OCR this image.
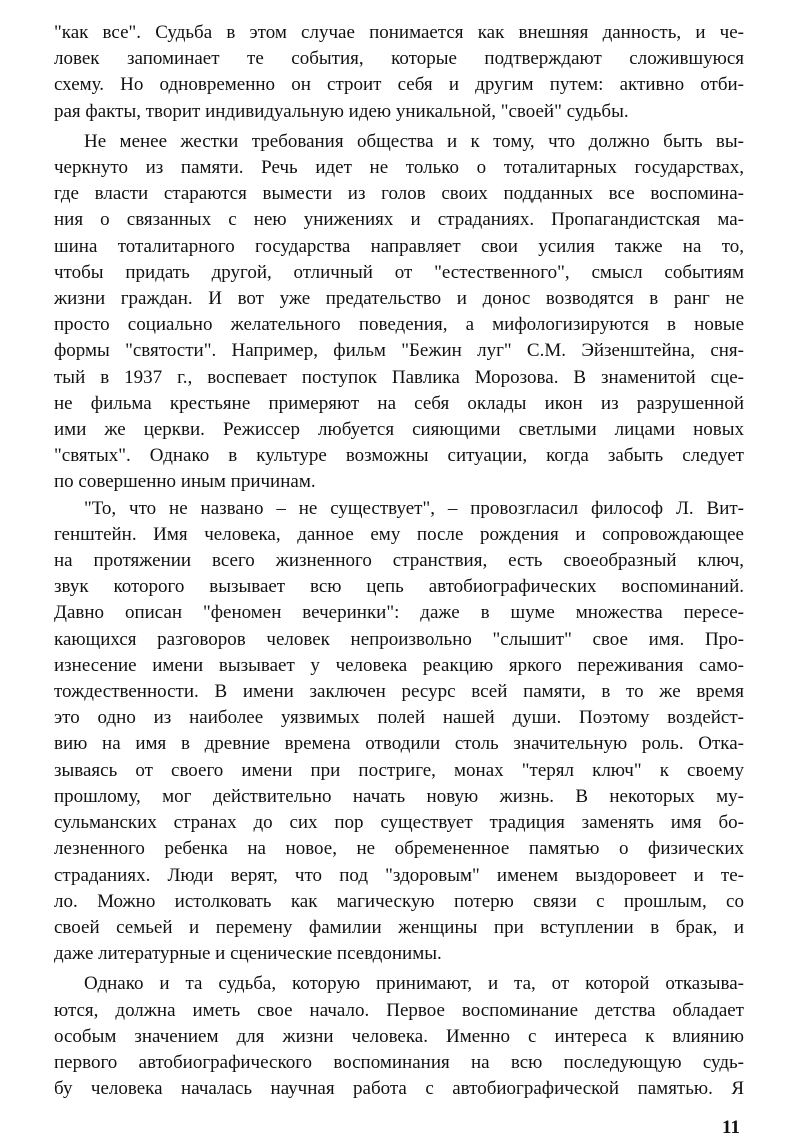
"как все". Судьба в этом случае понимается как внешняя данность, и че-
ловек запоминает те события, которые подтверждают сложившуюся
схему. Но одновременно он строит себя и другим путем: активно отби-
рая факты, творит индивидуальную идею уникальной, "своей" судьбы.
Не менее жестки требования общества и к тому, что должно быть вы-
черкнуто из памяти. Речь идет не только о тоталитарных государствах,
где власти стараются вымести из голов своих подданных все воспомина-
ния о связанных с нею унижениях и страданиях. Пропагандистская ма-
шина тоталитарного государства направляет свои усилия также на то,
чтобы придать другой, отличный от "естественного", смысл событиям
жизни граждан. И вот уже предательство и донос возводятся в ранг не
просто социально желательного поведения, а мифологизируются в новые
формы "святости". Например, фильм "Бежин луг" С.М. Эйзенштейна, сня-
тый в 1937 г., воспевает поступок Павлика Морозова. В знаменитой сце-
не фильма крестьяне примеряют на себя оклады икон из разрушенной
ими же церкви. Режиссер любуется сияющими светлыми лицами новых
"святых". Однако в культуре возможны ситуации, когда забыть следует
по совершенно иным причинам.
"То, что не названо – не существует", – провозгласил философ Л. Вит-
генштейн. Имя человека, данное ему после рождения и сопровождающее
на протяжении всего жизненного странствия, есть своеобразный ключ,
звук которого вызывает всю цепь автобиографических воспоминаний.
Давно описан "феномен вечеринки": даже в шуме множества пересе-
кающихся разговоров человек непроизвольно "слышит" свое имя. Про-
изнесение имени вызывает у человека реакцию яркого переживания само-
тождественности. В имени заключен ресурс всей памяти, в то же время
это одно из наиболее уязвимых полей нашей души. Поэтому воздейст-
вию на имя в древние времена отводили столь значительную роль. Отка-
зываясь от своего имени при постриге, монах "терял ключ" к своему
прошлому, мог действительно начать новую жизнь. В некоторых му-
сульманских странах до сих пор существует традиция заменять имя бо-
лезненного ребенка на новое, не обремененное памятью о физических
страданиях. Люди верят, что под "здоровым" именем выздоровеет и те-
ло. Можно истолковать как магическую потерю связи с прошлым, со
своей семьей и перемену фамилии женщины при вступлении в брак, и
даже литературные и сценические псевдонимы.
Однако и та судьба, которую принимают, и та, от которой отказыва-
ются, должна иметь свое начало. Первое воспоминание детства обладает
особым значением для жизни человека. Именно с интереса к влиянию
первого автобиографического воспоминания на всю последующую судь-
бу человека началась научная работа с автобиографической памятью. Я
11
